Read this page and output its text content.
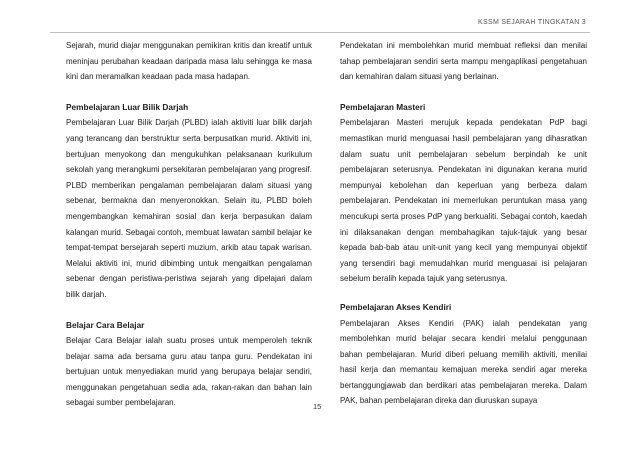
KSSM SEJARAH TINGKATAN 3

Sejarah, murid diajar menggunakan pemikiran kritis dan kreatif untuk meninjau perubahan keadaan daripada masa lalu sehingga ke masa kini dan meramalkan keadaan pada masa hadapan.

Pembelajaran Luar Bilik Darjah

Pembelajaran Luar Bilik Darjah (PLBD) ialah aktiviti luar bilik darjah yang terancang dan berstruktur serta berpusatkan murid. Aktiviti ini, bertujuan menyokong dan mengukuhkan pelaksanaan kurikulum sekolah yang merangkumi persekitaran pembelajaran yang progresif. PLBD memberikan pengalaman pembelajaran dalam situasi yang sebenar, bermakna dan menyeronokkan. Selain itu, PLBD boleh mengembangkan kemahiran sosial dan kerja berpasukan dalam kalangan murid. Sebagai contoh, membuat lawatan sambil belajar ke tempat-tempat bersejarah seperti muzium, arkib atau tapak warisan. Melalui aktiviti ini, murid dibimbing untuk mengaitkan pengalaman sebenar dengan peristiwa-peristiwa sejarah yang dipelajari dalam bilik darjah.

Belajar Cara Belajar

Belajar Cara Belajar ialah suatu proses untuk memperoleh teknik belajar sama ada bersama guru atau tanpa guru. Pendekatan ini bertujuan untuk menyediakan murid yang berupaya belajar sendiri, menggunakan pengetahuan sedia ada, rakan-rakan dan bahan lain sebagai sumber pembelajaran.

Pendekatan ini membolehkan murid membuat refleksi dan menilai tahap pembelajaran sendiri serta mampu mengaplikasi pengetahuan dan kemahiran dalam situasi yang berlainan.

Pembelajaran Masteri

Pembelajaran Masteri merujuk kepada pendekatan PdP bagi memastikan murid menguasai hasil pembelajaran yang dihasratkan dalam suatu unit pembelajaran sebelum berpindah ke unit pembelajaran seterusnya. Pendekatan ini digunakan kerana murid mempunyai kebolehan dan keperluan yang berbeza dalam pembelajaran. Pendekatan ini memerlukan peruntukan masa yang mencukupi serta proses PdP yang berkualiti. Sebagai contoh, kaedah ini dilaksanakan dengan membahagikan tajuk-tajuk yang besar kepada bab-bab atau unit-unit yang kecil yang mempunyai objektif yang tersendiri bagi memudahkan murid menguasai isi pelajaran sebelum beralih kepada tajuk yang seterusnya.

Pembelajaran Akses Kendiri

Pembelajaran Akses Kendiri (PAK) ialah pendekatan yang membolehkan murid belajar secara kendiri melalui penggunaan bahan pembelajaran. Murid diberi peluang memilih aktiviti, menilai hasil kerja dan memantau kemajuan mereka sendiri agar mereka bertanggungjawab dan berdikari atas pembelajaran mereka. Dalam PAK, bahan pembelajaran direka dan diuruskan supaya

15
